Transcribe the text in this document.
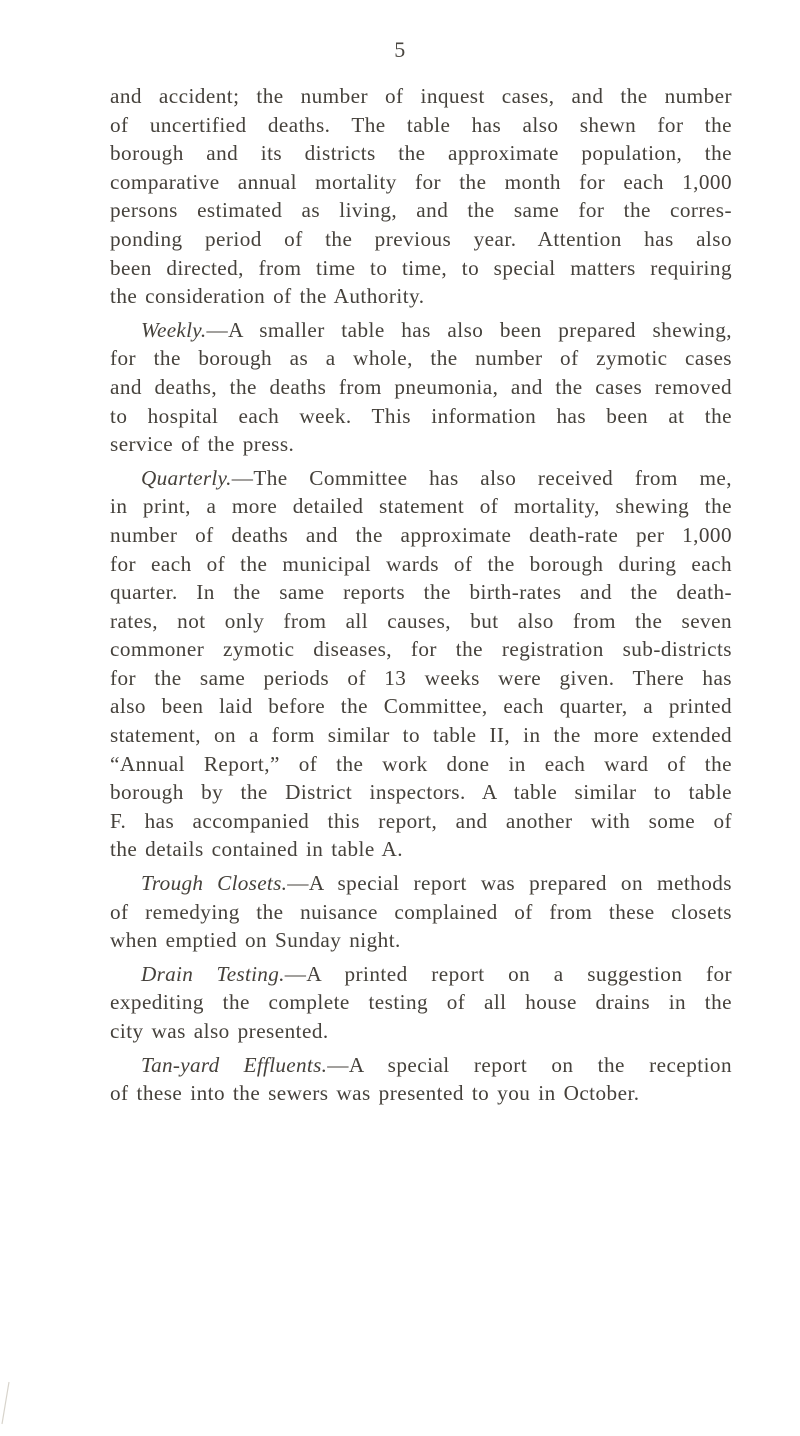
5
and accident; the number of inquest cases, and the number
of uncertified deaths. The table has also shewn for the
borough and its districts the approximate population, the
comparative annual mortality for the month for each 1,000
persons estimated as living, and the same for the corres-
ponding period of the previous year. Attention has also
been directed, from time to time, to special matters requiring
the consideration of the Authority.
Weekly.—A smaller table has also been prepared shewing,
for the borough as a whole, the number of zymotic cases
and deaths, the deaths from pneumonia, and the cases removed
to hospital each week. This information has been at the
service of the press.
Quarterly.—The Committee has also received from me,
in print, a more detailed statement of mortality, shewing the
number of deaths and the approximate death-rate per 1,000
for each of the municipal wards of the borough during each
quarter. In the same reports the birth-rates and the death-
rates, not only from all causes, but also from the seven
commoner zymotic diseases, for the registration sub-districts
for the same periods of 13 weeks were given. There has
also been laid before the Committee, each quarter, a printed
statement, on a form similar to table II, in the more extended
“Annual Report,” of the work done in each ward of the
borough by the District inspectors. A table similar to table
F. has accompanied this report, and another with some of
the details contained in table A.
Trough Closets.—A special report was prepared on methods
of remedying the nuisance complained of from these closets
when emptied on Sunday night.
Drain Testing.—A printed report on a suggestion for
expediting the complete testing of all house drains in the
city was also presented.
Tan-yard Effluents.—A special report on the reception
of these into the sewers was presented to you in October.
